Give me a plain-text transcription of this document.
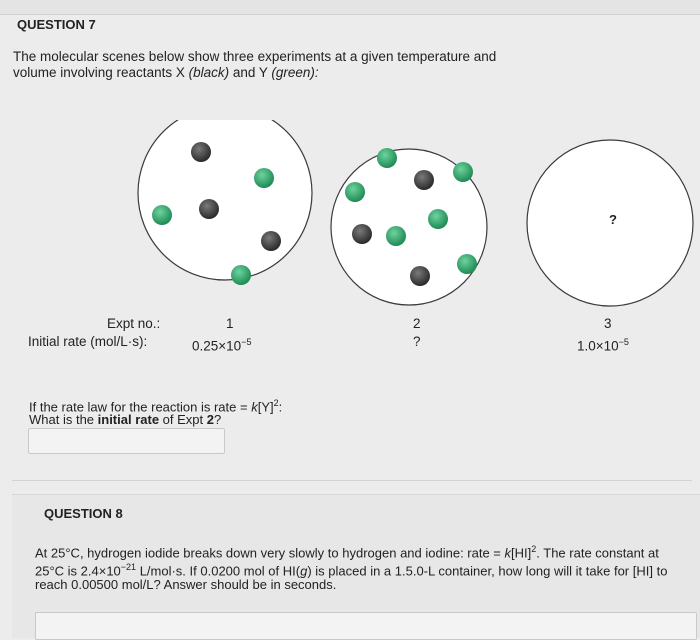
QUESTION 7
The molecular scenes below show three experiments at a given temperature and
volume involving reactants X (black) and Y (green):
?
Expt no.:
Initial rate (mol/L·s):
1
$0.25\times 10^{-5}$
2
?
3
$1.0\times 10^{-5}$
If the rate law for the reaction is rate = $k[Y]^2$:
What is the initial rate of Expt 2?
QUESTION 8
At 25°C, hydrogen iodide breaks down very slowly to hydrogen and iodine: rate = k[HI]$^2$. The rate constant at
25°C is $2.4\times 10^{-21}$ L/mol·s. If 0.0200 mol of HI(g) is placed in a 1.5.0-L container, how long will it take for [HI] to
reach 0.00500 mol/L? Answer should be in seconds.
